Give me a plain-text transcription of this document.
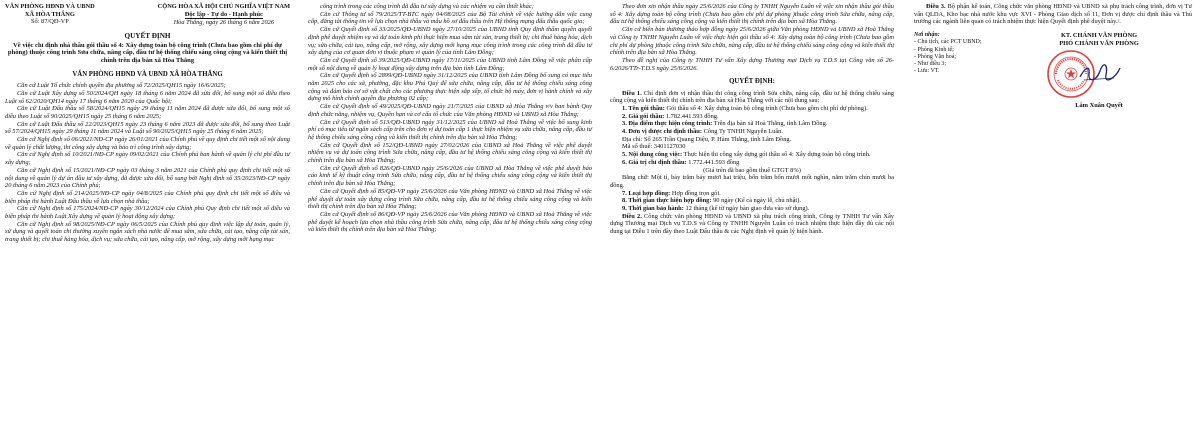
VĂN PHÒNG HĐND VÀ UBND
XÃ HÒA THẮNG
Số: 87/QĐ-VP
CỘNG HÒA XÃ HỘI CHỦ NGHĨA VIỆT NAM
Độc lập - Tự do - Hạnh phúc
Hòa Thắng, ngày 26 tháng 6 năm 2026
QUYẾT ĐỊNH
Về việc chỉ định nhà thầu gói thầu số 4: Xây dựng toàn bộ công trình (Chưa bao gồm chi phí dự phòng) thuộc công trình Sửa chữa, nâng cấp, đầu tư hệ thống chiếu sáng công cộng và kiến thiết thị chính trên địa bàn xã Hòa Thắng
VĂN PHÒNG HĐND VÀ UBND XÃ HÒA THẮNG

Căn cứ Luật Tổ chức chính quyền địa phương số 72/2025/QH15 ngày 16/6/2025;

Căn cứ Luật Xây dựng số 50/2024/QH ngày 18 tháng 6 năm 2024 đã sửa đổi, bổ sung một số điều theo Luật số 62/2020/QH14 ngày 17 tháng 6 năm 2020 của Quốc hội;

Căn cứ Luật Đấu thầu số 58/2024/QH15 ngày 29 tháng 11 năm 2024 đã được sửa đổi, bổ sung một số điều theo Luật số 90/2025/QH15 ngày 25 tháng 6 năm 2025;

Căn cứ Luật Đấu thầu số 22/2023/QH15 ngày 23 tháng 6 năm 2023 đã được sửa đổi, bổ sung theo Luật số 57/2024/QH15 ngày 29 tháng 11 năm 2024 và Luật số 90/2025/QH15 ngày 25 tháng 6 năm 2025;

Căn cứ Nghị định số 06/2021/NĐ-CP ngày 26/01/2021 của Chính phủ về quy định chi tiết một số nội dung về quản lý chất lượng, thi công xây dựng và bảo trì công trình xây dựng;

Căn cứ Nghị định số 10/2021/NĐ-CP ngày 09/02/2021 của Chính phủ ban hành về quản lý chi phí đầu tư xây dựng;

Căn cứ Nghị định số 15/2021/NĐ-CP ngày 03 tháng 3 năm 2021 của Chính phủ quy định chi tiết một số nội dung về quản lý dự án đầu tư xây dựng, đã được sửa đổi, bổ sung bởi Nghị định số 35/2023/NĐ-CP ngày 20 tháng 6 năm 2023 của Chính phủ;

Căn cứ Nghị định số 214/2025/NĐ-CP ngày 04/8/2025 của Chính phủ quy định chi tiết một số điều và biện pháp thi hành Luật Đấu thầu về lựa chọn nhà thầu;

Căn cứ Nghị định số 175/2024/NĐ-CP ngày 30/12/2024 của Chính phủ Quy định chi tiết một số điều và biện pháp thi hành Luật Xây dựng về quản lý hoạt động xây dựng;

Căn cứ Nghị định số 98/2025/NĐ-CP ngày 06/5/2025 của Chính phủ quy định việc lập dự toán, quản lý, sử dụng và quyết toán chi thường xuyên ngân sách nhà nước để mua sắm, sửa chữa, cải tạo, nâng cấp tài sản, trang thiết bị; chi thuê hàng hóa, dịch vụ; sửa chữa, cải tạo, nâng cấp, mở rộng, xây dựng mới hạng mục

công trình trong các công trình đã đầu tư xây dựng và các nhiệm vụ cần thiết khác;

Căn cứ Thông tư số 79/2025/TT-BTC ngày 04/08/2025 của Bộ Tài chính về việc hướng dẫn việc cung cấp, đăng tải thông tin về lựa chọn nhà thầu và mẫu hồ sơ đấu thầu trên Hệ thống mạng đấu thầu quốc gia;

Căn cứ Quyết định số 33/2025/QĐ-UBND ngày 27/10/2025 của UBND tỉnh Quy định thẩm quyền quyết định phê duyệt nhiệm vụ và dự toán kinh phí thực hiện mua sắm tài sản, trang thiết bị; chi thuê hàng hóa, dịch vụ; sửa chữa, cải tạo, nâng cấp, mở rộng, xây dựng mới hạng mục công trình trong các công trình đã đầu tư xây dựng của cơ quan đơn vị thuộc phạm vi quản lý của tỉnh Lâm Đồng;

Căn cứ Quyết định số 39/2025/QĐ-UBND ngày 17/11/2025 của UBND tỉnh Lâm Đồng về việc phân cấp một số nội dung về quản lý hoạt động xây dựng trên địa bàn tỉnh Lâm Đồng;

Căn cứ Quyết định số 2899/QĐ-UBND ngày 31/12/2025 của UBND tỉnh Lâm Đồng bổ sung có mục tiêu năm 2025 cho các xã, phường, đặc khu Phú Quý để sửa chữa, nâng cấp, đầu tư hệ thống chiếu sáng công cộng và đảm bảo cơ sở vật chất cho các phương thực hiện sắp xếp, tổ chức bộ máy, đơn vị hành chính và xây dựng mô hình chính quyền địa phương 02 cấp;

Căn cứ Quyết định số 49/2025/QĐ-UBND ngày 21/7/2025 của UBND xã Hòa Thắng v/v ban hành Quy định chức năng, nhiệm vụ, Quyền hạn và cơ cấu tổ chức của Văn phòng HĐND và UBND xã Hòa Thắng;

Căn cứ Quyết định số 513/QĐ-UBND ngày 31/12/2025 của UBND xã Hoà Thắng về việc bổ sung kinh phí có mục tiêu từ ngân sách cấp trên cho đơn vị dự toán cấp 1 thực hiện nhiệm vụ sửa chữa, nâng cấp, đầu tư hệ thống chiếu sáng công cộng và kiến thiết thị chính trên địa bàn xã Hòa Thắng;

Căn cứ Quyết định số 152/QĐ-UBND ngày 27/02/2026 của UBND xã Hoà Thắng về việc phê duyệt nhiệm vụ và dự toán công trình Sửa chữa, nâng cấp, đầu tư hệ thống chiếu sáng công cộng và kiến thiết thị chính trên địa bàn xã Hòa Thắng;

Căn cứ Quyết định số 826/QĐ-UBND ngày 25/6/2026 của UBND xã Hòa Thắng về việc phê duyệt báo cáo kinh tế kỹ thuật công trình Sửa chữa, nâng cấp, đầu tư hệ thống chiếu sáng công cộng và kiến thiết thị chính trên địa bàn xã Hòa Thắng;

Căn cứ Quyết định số 85/QĐ-VP ngày 25/6/2026 của Văn phòng HĐND và UBND xã Hoà Thắng về việc phê duyệt dự toán xây dựng công trình Sửa chữa, nâng cấp, đầu tư hệ thống chiếu sáng công cộng và kiến thiết thị chính trên địa bàn xã Hòa Thắng;

Căn cứ Quyết định số 86/QĐ-VP ngày 25/6/2026 của Văn phòng HĐND và UBND xã Hoà Thắng về việc phê duyệt kế hoạch lựa chọn nhà thầu công trình Sửa chữa, nâng cấp, đầu tư hệ thống chiếu sáng công cộng và kiến thiết thị chính trên địa bàn xã Hòa Thắng;

Theo đơn xin nhận thầu ngày 25/6/2026 của Công ty TNHH Nguyễn Luân về việc xin nhận thầu gói thầu số 4: Xây dựng toàn bộ công trình (Chưa bao gồm chi phí dự phòng )thuộc công trình Sửa chữa, nâng cấp, đầu tư hệ thống chiếu sáng công cộng và kiến thiết thị chính trên địa bàn xã Hòa Thắng.

Căn cứ biên bản thương thảo hợp đồng ngày 25/6/2026 giữa Văn phòng HĐND và UBND xã Hoà Thắng và Công ty TNHH Nguyễn Luân về việc thực hiện gói thầu số 4: Xây dựng toàn bộ công trình (Chưa bao gồm chi phí dự phòng )thuộc công trình Sửa chữa, nâng cấp, đầu tư hệ thống chiếu sáng công cộng và kiến thiết thị chính trên địa bàn xã Hòa Thắng.

Theo đề nghị của Công ty TNHH Tư vấn Xây dựng Thương mại Dịch vụ T.D.S tại Công văn số 26-6/2026/TTr-T.D.S ngày 25/6/2026.

QUYẾT ĐỊNH:

Điều 1. Chỉ định đơn vị nhận thầu thi công công trình Sửa chữa, nâng cấp, đầu tư hệ thống chiếu sáng công cộng và kiến thiết thị chính trên địa bàn xã Hòa Thắng với các nội dung sau:

1. Tên gói thầu: Gói thầu số 4: Xây dựng toàn bộ công trình (Chưa bao gồm chi phí dự phòng).

2. Giá gói thầu: 1.782.441.593 đồng.

3. Địa điểm thực hiện công trình: Trên địa bàn xã Hoà Thắng, tỉnh Lâm Đồng.

4. Đơn vị được chỉ định thầu: Công Ty TNHH Nguyễn Luân.

Địa chỉ: Số 265 Trần Quang Diệu, P. Hàm Thắng, tỉnh Lâm Đồng.

Mã số thuế: 3401127030

5. Nội dung công việc: Thực hiện thi công xây dựng gói thầu số 4: Xây dựng toàn bộ công trình.

6. Giá trị chỉ định thầu: 1.772.441.593 đồng

(Giá trên đã bao gồm thuế GTGT 8%)

Bằng chữ: Một tỉ, bảy trăm bảy mươi hai triệu, bốn trăm bốn mươi mốt nghìn, năm trăm chín mươi ba đồng.

7. Loại hợp đồng: Hợp đồng trọn gói.

8. Thời gian thực hiện hợp đồng: 90 ngày (Kể cả ngày lễ, chủ nhật).

9. Thời gian bảo hành: 12 tháng (kể từ ngày bàn giao đưa vào sử dụng).

Điều 2. Công chức văn phòng HĐND và UBND xã phụ trách công trình, Công ty TNHH Tư vấn Xây dựng Thương mại Dịch vụ T.D.S và Công ty TNHH Nguyễn Luân có trách nhiệm thực hiện đầy đủ các nội dung tại Điều 1 trên đây theo Luật Đấu thầu & các Nghị định về quản lý hiện hành.

Điều 3. Bộ phận kế toán, Công chức văn phòng HĐND và UBND xã phụ trách công trình, đơn vị Tư vấn QLDA, Kho bạc nhà nước khu vực XVI - Phòng Giao dịch số 11, Đơn vị được chỉ định thầu và Thủ trưởng các ngành liên quan có trách nhiệm thực hiện Quyết định phê duyệt này./.

Nơi nhận:
- Chủ tịch, các PCT UBND;
- Phòng Kinh tế;
- Phòng Văn hoá;
- Như điều 3;
- Lưu: VT.
KT. CHÁNH VĂN PHÒNG
PHÓ CHÁNH VĂN PHÒNG
Lâm Xuân Quyết
